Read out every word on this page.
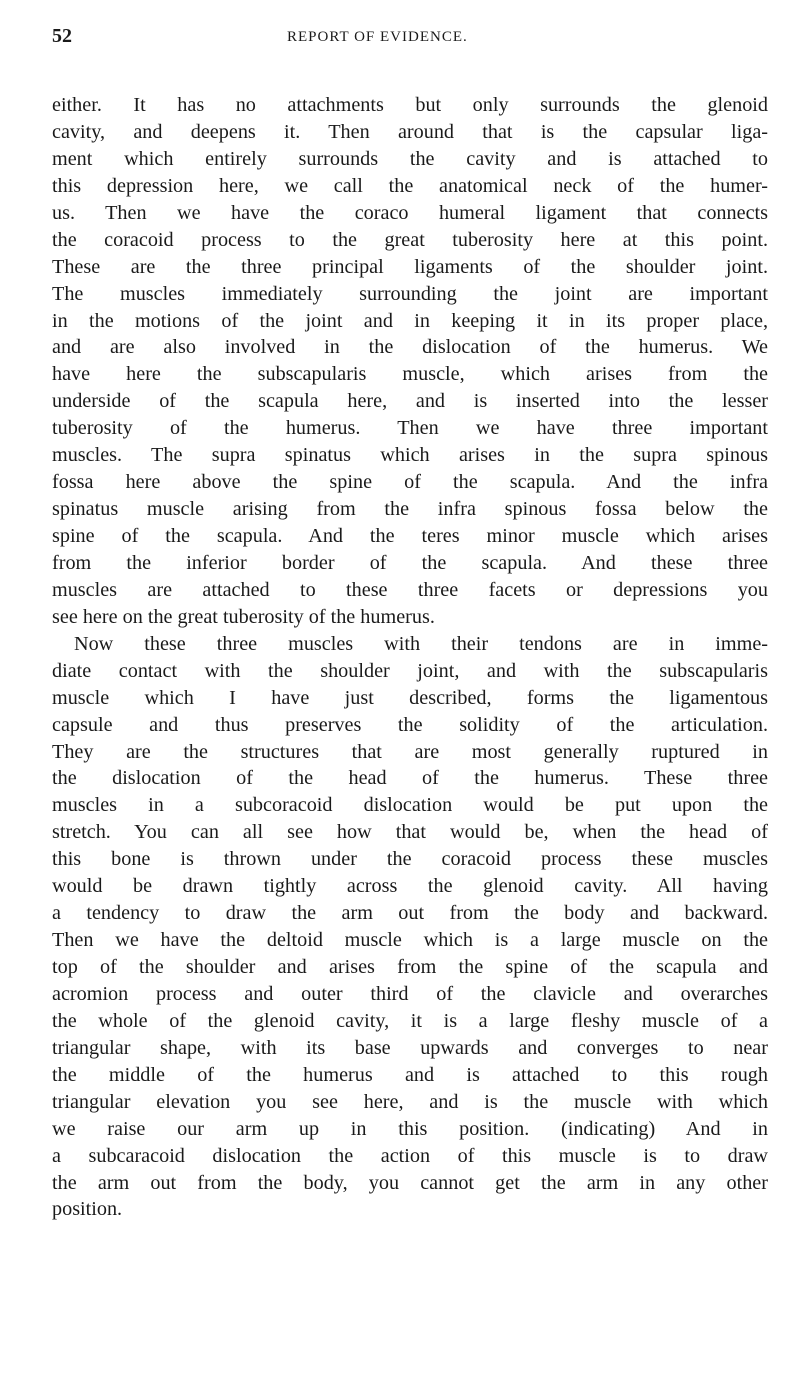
52	REPORT OF EVIDENCE.
either. It has no attachments but only surrounds the glenoid
cavity, and deepens it. Then around that is the capsular liga-
ment which entirely surrounds the cavity and is attached to
this depression here, we call the anatomical neck of the humer-
us. Then we have the coraco humeral ligament that connects
the coracoid process to the great tuberosity here at this point.
These are the three principal ligaments of the shoulder joint.
The muscles immediately surrounding the joint are important
in the motions of the joint and in keeping it in its proper place,
and are also involved in the dislocation of the humerus. We
have here the subscapularis muscle, which arises from the
underside of the scapula here, and is inserted into the lesser
tuberosity of the humerus. Then we have three important
muscles. The supra spinatus which arises in the supra spinous
fossa here above the spine of the scapula. And the infra
spinatus muscle arising from the infra spinous fossa below the
spine of the scapula. And the teres minor muscle which arises
from the inferior border of the scapula. And these three
muscles are attached to these three facets or depressions you
see here on the great tuberosity of the humerus.
Now these three muscles with their tendons are in imme-
diate contact with the shoulder joint, and with the subscapularis
muscle which I have just described, forms the ligamentous
capsule and thus preserves the solidity of the articulation.
They are the structures that are most generally ruptured in
the dislocation of the head of the humerus. These three
muscles in a subcoracoid dislocation would be put upon the
stretch. You can all see how that would be, when the head of
this bone is thrown under the coracoid process these muscles
would be drawn tightly across the glenoid cavity. All having
a tendency to draw the arm out from the body and backward.
Then we have the deltoid muscle which is a large muscle on the
top of the shoulder and arises from the spine of the scapula and
acromion process and outer third of the clavicle and overarches
the whole of the glenoid cavity, it is a large fleshy muscle of a
triangular shape, with its base upwards and converges to near
the middle of the humerus and is attached to this rough
triangular elevation you see here, and is the muscle with which
we raise our arm up in this position. (indicating) And in
a subcaracoid dislocation the action of this muscle is to draw
the arm out from the body, you cannot get the arm in any other
position.
